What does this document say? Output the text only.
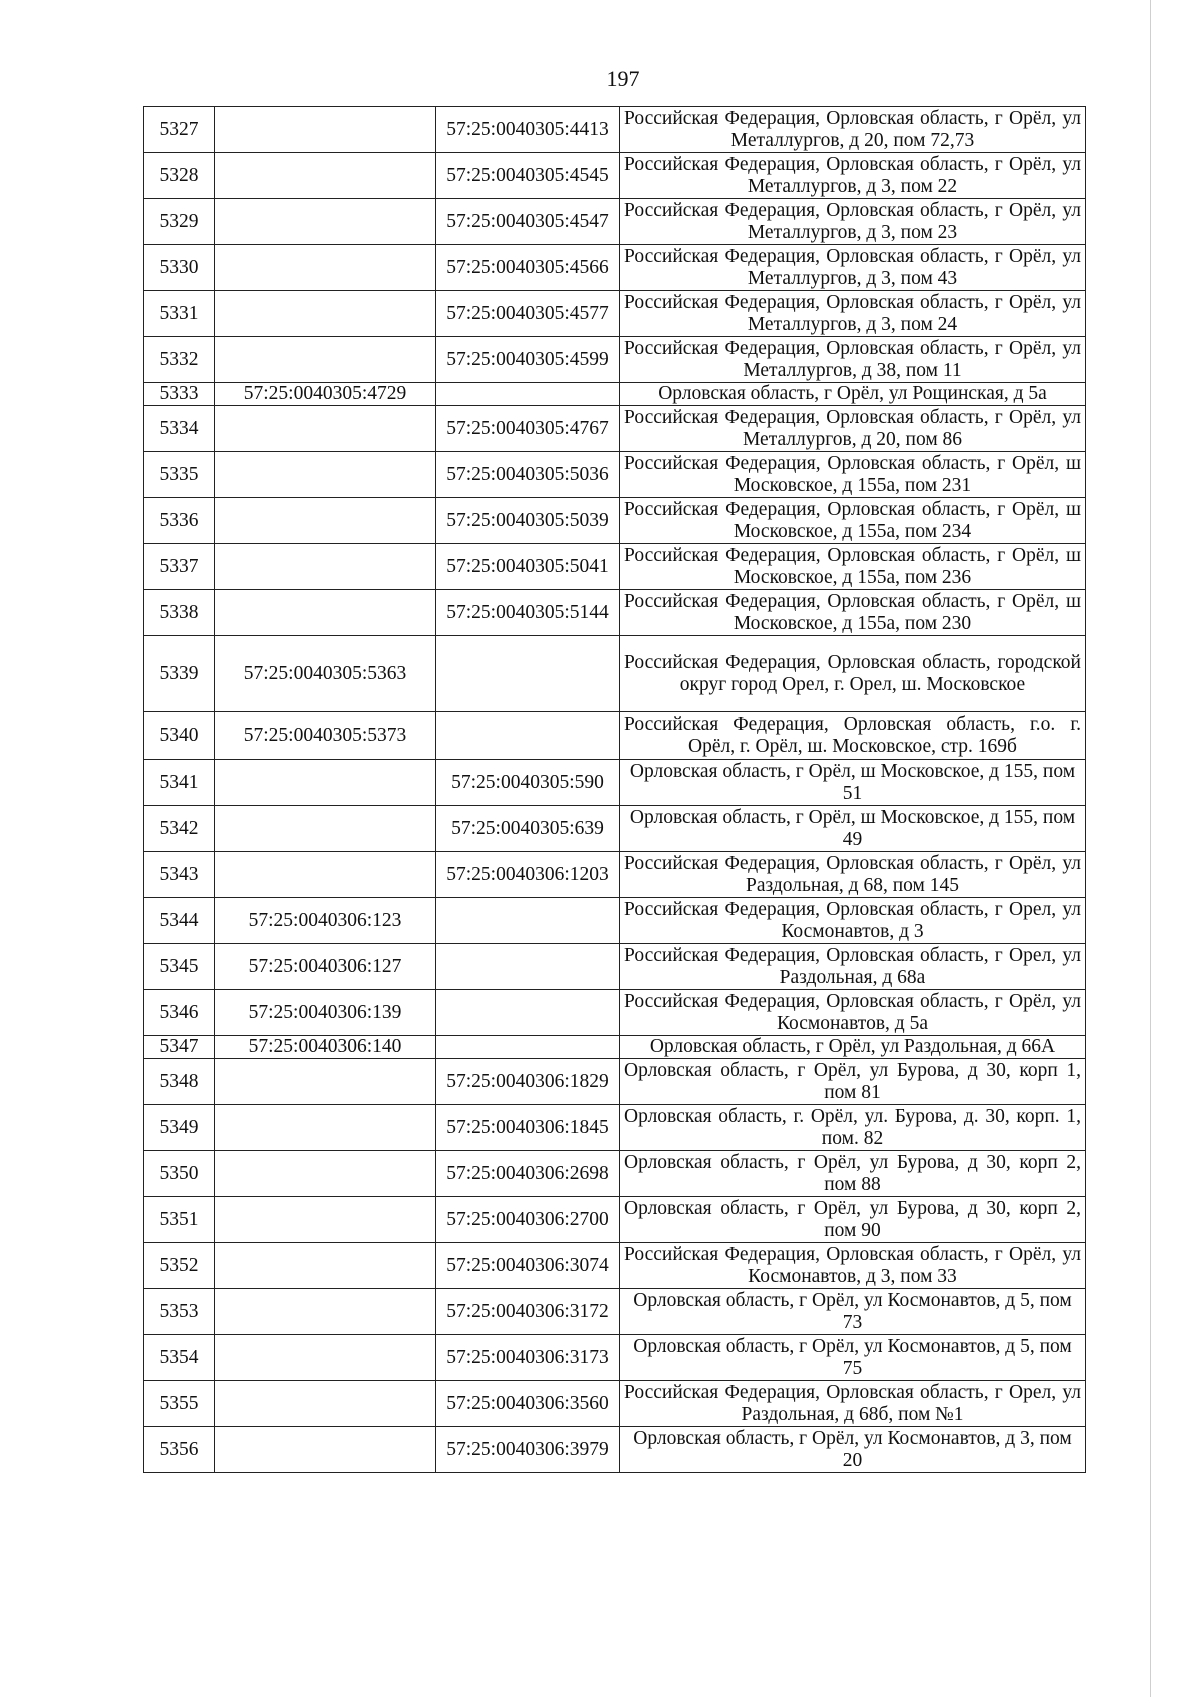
197
5327		57:25:0040305:4413	Российская Федерация, Орловская область, г Орёл, ул Металлургов, д 20, пом 72,73
5328		57:25:0040305:4545	Российская Федерация, Орловская область, г Орёл, ул Металлургов, д 3, пом 22
5329		57:25:0040305:4547	Российская Федерация, Орловская область, г Орёл, ул Металлургов, д 3, пом 23
5330		57:25:0040305:4566	Российская Федерация, Орловская область, г Орёл, ул Металлургов, д 3, пом 43
5331		57:25:0040305:4577	Российская Федерация, Орловская область, г Орёл, ул Металлургов, д 3, пом 24
5332		57:25:0040305:4599	Российская Федерация, Орловская область, г Орёл, ул Металлургов, д 38, пом 11
5333	57:25:0040305:4729		Орловская область, г Орёл, ул Рощинская, д 5а
5334		57:25:0040305:4767	Российская Федерация, Орловская область, г Орёл, ул Металлургов, д 20, пом 86
5335		57:25:0040305:5036	Российская Федерация, Орловская область, г Орёл, ш Московское, д 155а, пом 231
5336		57:25:0040305:5039	Российская Федерация, Орловская область, г Орёл, ш Московское, д 155а, пом 234
5337		57:25:0040305:5041	Российская Федерация, Орловская область, г Орёл, ш Московское, д 155а, пом 236
5338		57:25:0040305:5144	Российская Федерация, Орловская область, г Орёл, ш Московское, д 155а, пом 230
5339	57:25:0040305:5363		Российская Федерация, Орловская область, городской округ город Орел, г. Орел, ш. Московское
5340	57:25:0040305:5373		Российская Федерация, Орловская область, г.о. г. Орёл, г. Орёл, ш. Московское, стр. 169б
5341		57:25:0040305:590	Орловская область, г Орёл, ш Московское, д 155, пом 51
5342		57:25:0040305:639	Орловская область, г Орёл, ш Московское, д 155, пом 49
5343		57:25:0040306:1203	Российская Федерация, Орловская область, г Орёл, ул Раздольная, д 68, пом 145
5344	57:25:0040306:123		Российская Федерация, Орловская область, г Орел, ул Космонавтов, д 3
5345	57:25:0040306:127		Российская Федерация, Орловская область, г Орел, ул Раздольная, д 68а
5346	57:25:0040306:139		Российская Федерация, Орловская область, г Орёл, ул Космонавтов, д 5а
5347	57:25:0040306:140		Орловская область, г Орёл, ул Раздольная, д 66А
5348		57:25:0040306:1829	Орловская область, г Орёл, ул Бурова, д 30, корп 1, пом 81
5349		57:25:0040306:1845	Орловская область, г. Орёл, ул. Бурова, д. 30, корп. 1, пом. 82
5350		57:25:0040306:2698	Орловская область, г Орёл, ул Бурова, д 30, корп 2, пом 88
5351		57:25:0040306:2700	Орловская область, г Орёл, ул Бурова, д 30, корп 2, пом 90
5352		57:25:0040306:3074	Российская Федерация, Орловская область, г Орёл, ул Космонавтов, д 3, пом 33
5353		57:25:0040306:3172	Орловская область, г Орёл, ул Космонавтов, д 5, пом 73
5354		57:25:0040306:3173	Орловская область, г Орёл, ул Космонавтов, д 5, пом 75
5355		57:25:0040306:3560	Российская Федерация, Орловская область, г Орел, ул Раздольная, д 68б, пом №1
5356		57:25:0040306:3979	Орловская область, г Орёл, ул Космонавтов, д 3, пом 20
